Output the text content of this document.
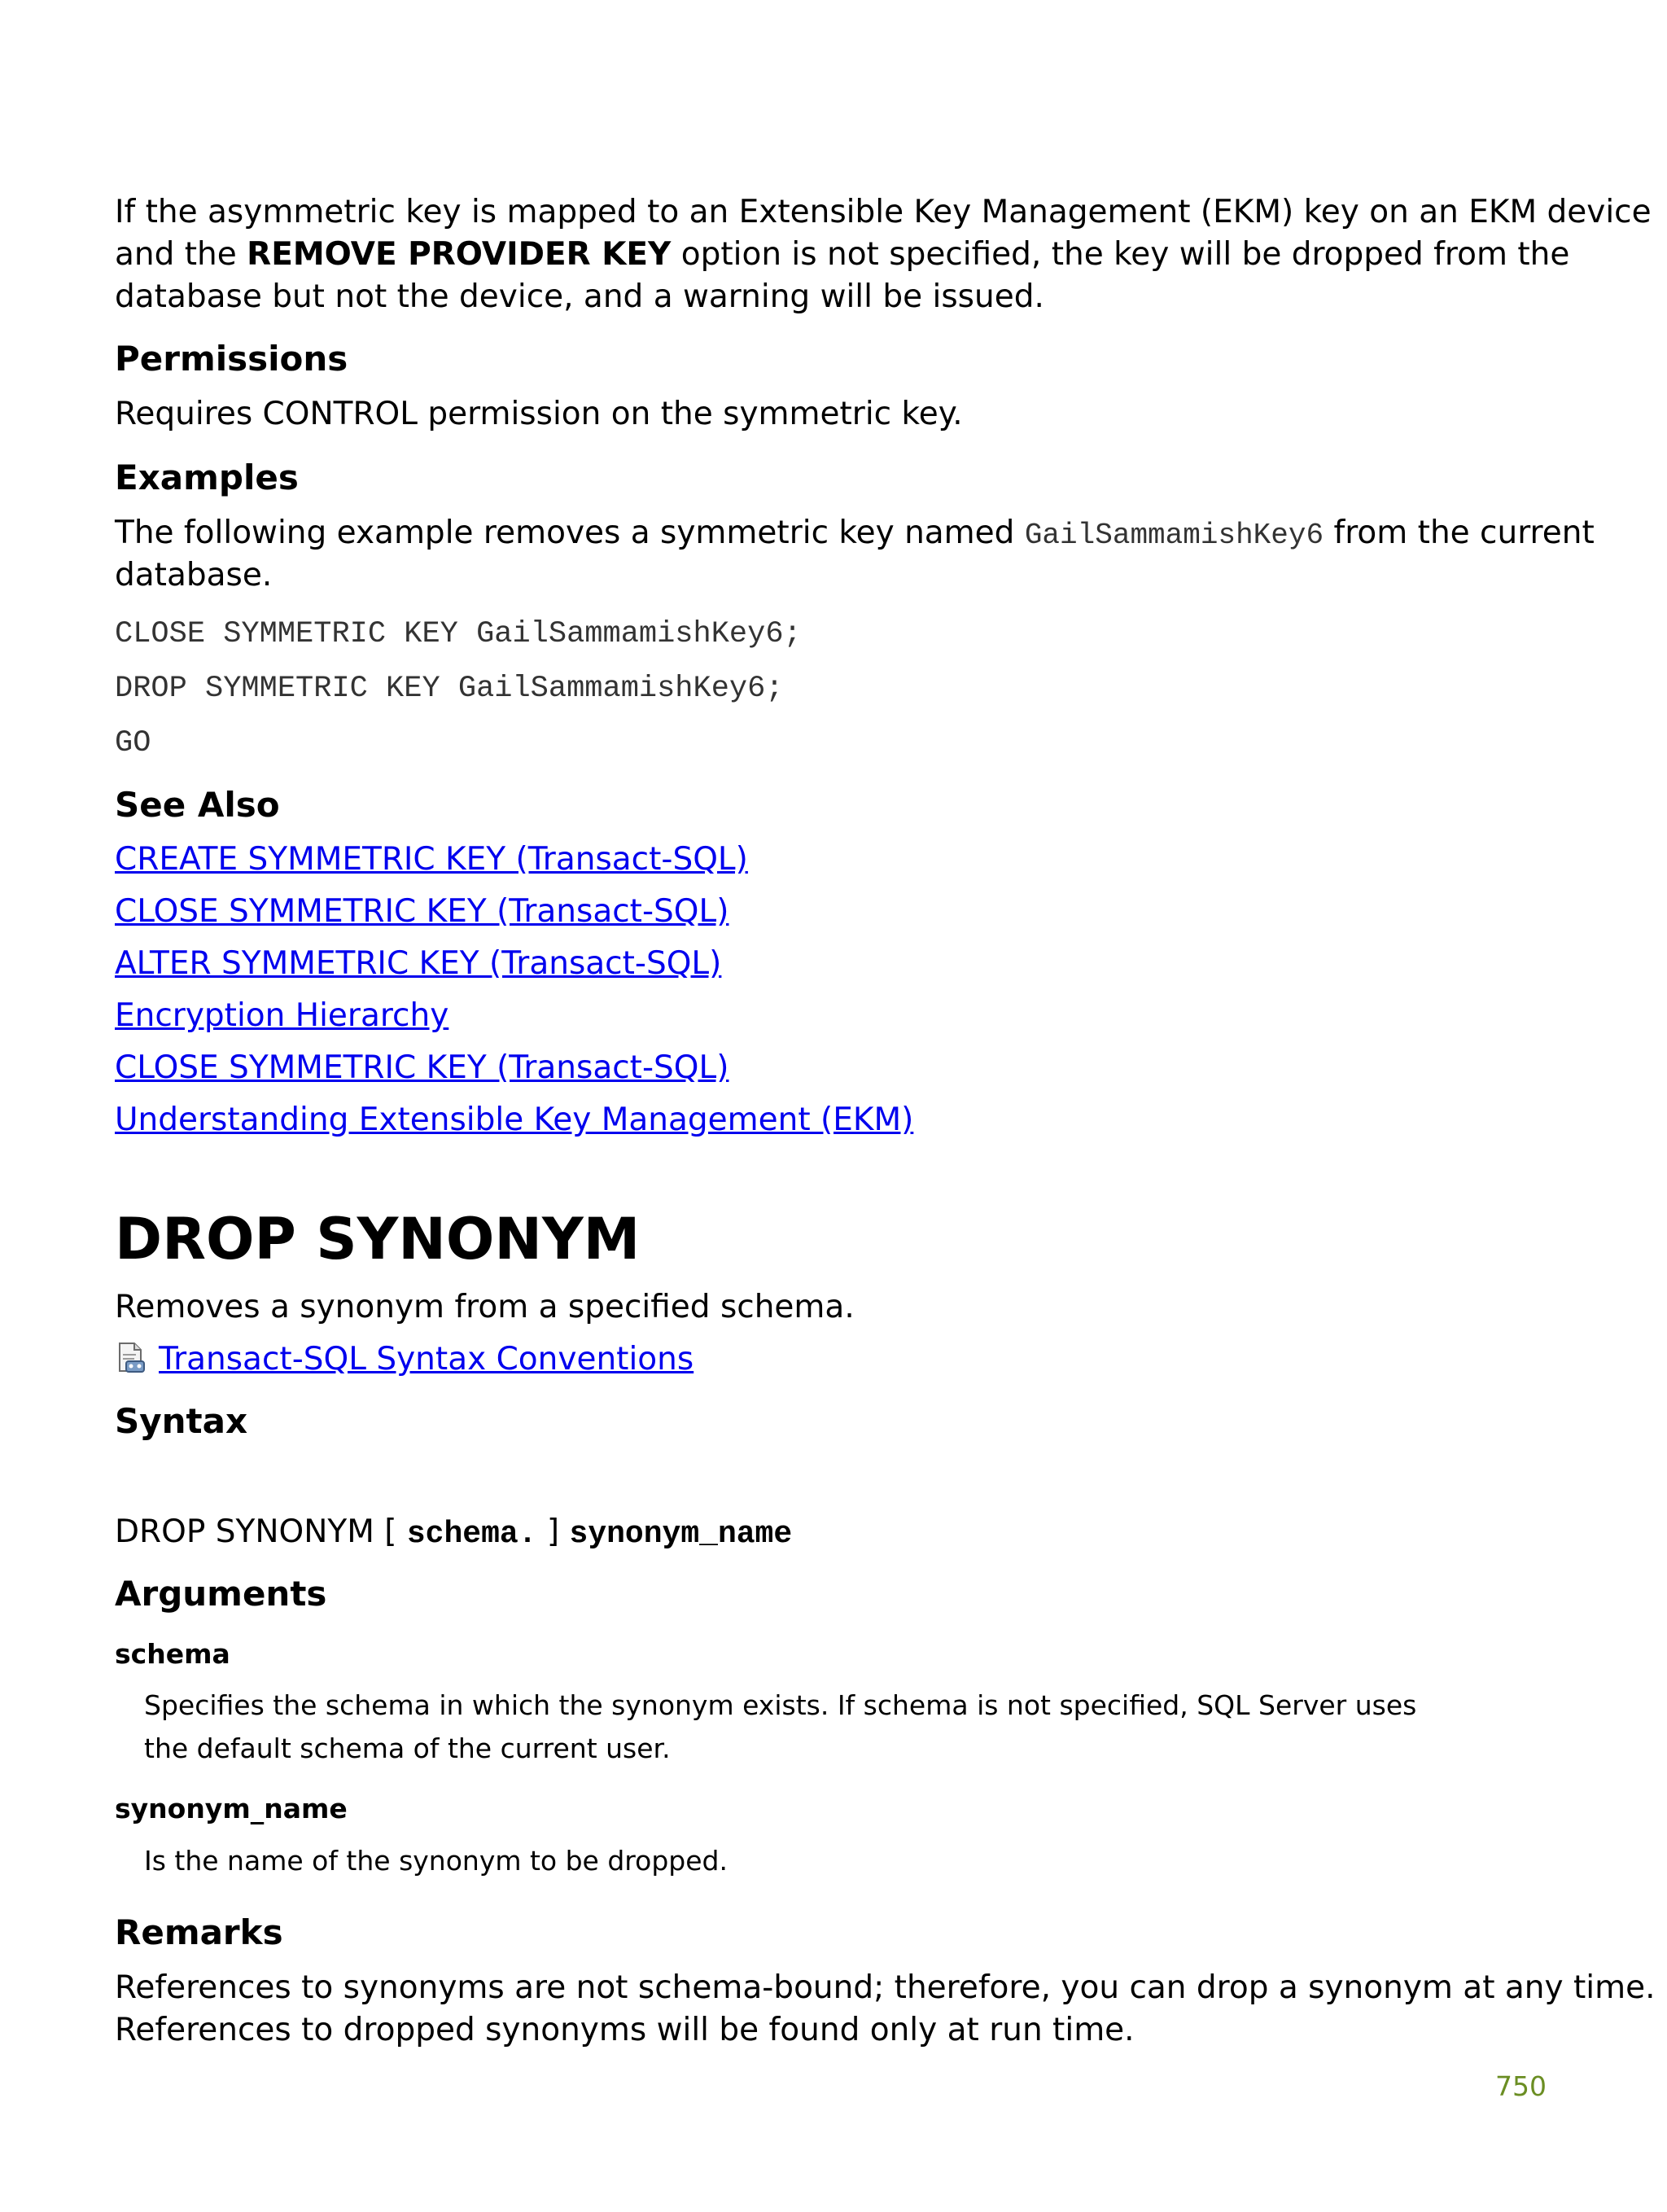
If the asymmetric key is mapped to an Extensible Key Management (EKM) key on an EKM device
and the REMOVE PROVIDER KEY option is not specified, the key will be dropped from the
database but not the device, and a warning will be issued.
Permissions
Requires CONTROL permission on the symmetric key.
Examples
The following example removes a symmetric key named GailSammamishKey6 from the current
database.
CLOSE SYMMETRIC KEY GailSammamishKey6;
DROP SYMMETRIC KEY GailSammamishKey6;
GO
See Also
CREATE SYMMETRIC KEY (Transact-SQL)
CLOSE SYMMETRIC KEY (Transact-SQL)
ALTER SYMMETRIC KEY (Transact-SQL)
Encryption Hierarchy
CLOSE SYMMETRIC KEY (Transact-SQL)
Understanding Extensible Key Management (EKM)
DROP SYNONYM
Removes a synonym from a specified schema.
Transact-SQL Syntax Conventions
Syntax
DROP SYNONYM [ schema. ] synonym_name
Arguments
schema
Specifies the schema in which the synonym exists. If schema is not specified, SQL Server uses
the default schema of the current user.
synonym_name
Is the name of the synonym to be dropped.
Remarks
References to synonyms are not schema-bound; therefore, you can drop a synonym at any time.
References to dropped synonyms will be found only at run time.
750
